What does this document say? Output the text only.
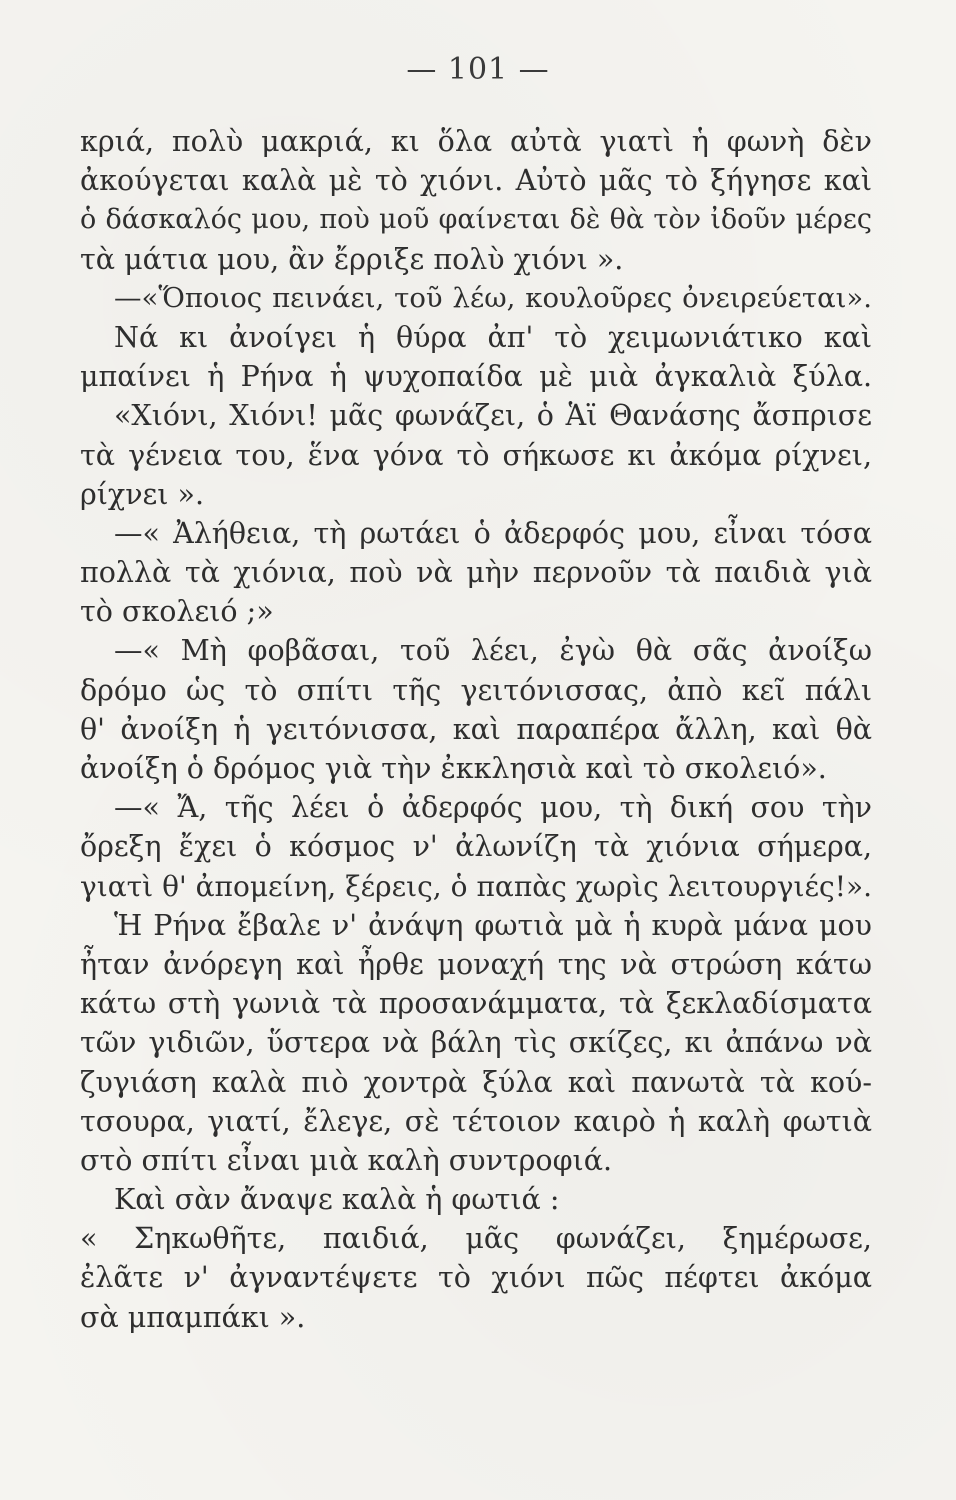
— 101 —
κριά, πολὺ μακριά, κι ὅλα αὐτὰ γιατὶ ἡ φωνὴ δὲν
ἀκούγεται καλὰ μὲ τὸ χιόνι. Αὐτὸ μᾶς τὸ ξήγησε καὶ
ὁ δάσκαλός μου, ποὺ μοῦ φαίνεται δὲ θὰ τὸν ἰδοῦν μέρες
τὰ μάτια μου, ἂν ἔρριξε πολὺ χιόνι ».
—«Ὅποιος πεινάει, τοῦ λέω, κουλοῦρες ὀνειρεύεται».
Νά κι ἀνοίγει ἡ θύρα ἀπ' τὸ χειμωνιάτικο καὶ
μπαίνει ἡ Ρήνα ἡ ψυχοπαίδα μὲ μιὰ ἀγκαλιὰ ξύλα.
«Χιόνι, Χιόνι! μᾶς φωνάζει, ὁ Ἁϊ Θανάσης ἄσπρισε
τὰ γένεια του, ἕνα γόνα τὸ σήκωσε κι ἀκόμα ρίχνει,
ρίχνει ».
—« Ἀλήθεια, τὴ ρωτάει ὁ ἀδερφός μου, εἶναι τόσα
πολλὰ τὰ χιόνια, ποὺ νὰ μὴν περνοῦν τὰ παιδιὰ γιὰ
τὸ σκολειό ;»
—« Μὴ φοβᾶσαι, τοῦ λέει, ἐγὼ θὰ σᾶς ἀνοίξω
δρόμο ὡς τὸ σπίτι τῆς γειτόνισσας, ἀπὸ κεῖ πάλι
θ' ἀνοίξη ἡ γειτόνισσα, καὶ παραπέρα ἄλλη, καὶ θὰ
ἀνοίξη ὁ δρόμος γιὰ τὴν ἐκκλησιὰ καὶ τὸ σκολειό».
—« Ἄ, τῆς λέει ὁ ἀδερφός μου, τὴ δική σου τὴν
ὄρεξη ἔχει ὁ κόσμος ν' ἀλωνίζη τὰ χιόνια σήμερα,
γιατὶ θ' ἀπομείνη, ξέρεις, ὁ παπὰς χωρὶς λειτουργιές!».
Ἡ Ρήνα ἔβαλε ν' ἀνάψη φωτιὰ μὰ ἡ κυρὰ μάνα μου
ἦταν ἀνόρεγη καὶ ἦρθε μοναχή της νὰ στρώση κάτω
κάτω στὴ γωνιὰ τὰ προσανάμματα, τὰ ξεκλαδίσματα
τῶν γιδιῶν, ὕστερα νὰ βάλη τὶς σκίζες, κι ἀπάνω νὰ
ζυγιάση καλὰ πιὸ χοντρὰ ξύλα καὶ πανωτὰ τὰ κού-
τσουρα, γιατί, ἔλεγε, σὲ τέτοιον καιρὸ ἡ καλὴ φωτιὰ
στὸ σπίτι εἶναι μιὰ καλὴ συντροφιά.
Καὶ σὰν ἄναψε καλὰ ἡ φωτιά :
« Σηκωθῆτε, παιδιά, μᾶς φωνάζει, ξημέρωσε,
ἐλᾶτε ν' ἀγναντέψετε τὸ χιόνι πῶς πέφτει ἀκόμα
σὰ μπαμπάκι ».
